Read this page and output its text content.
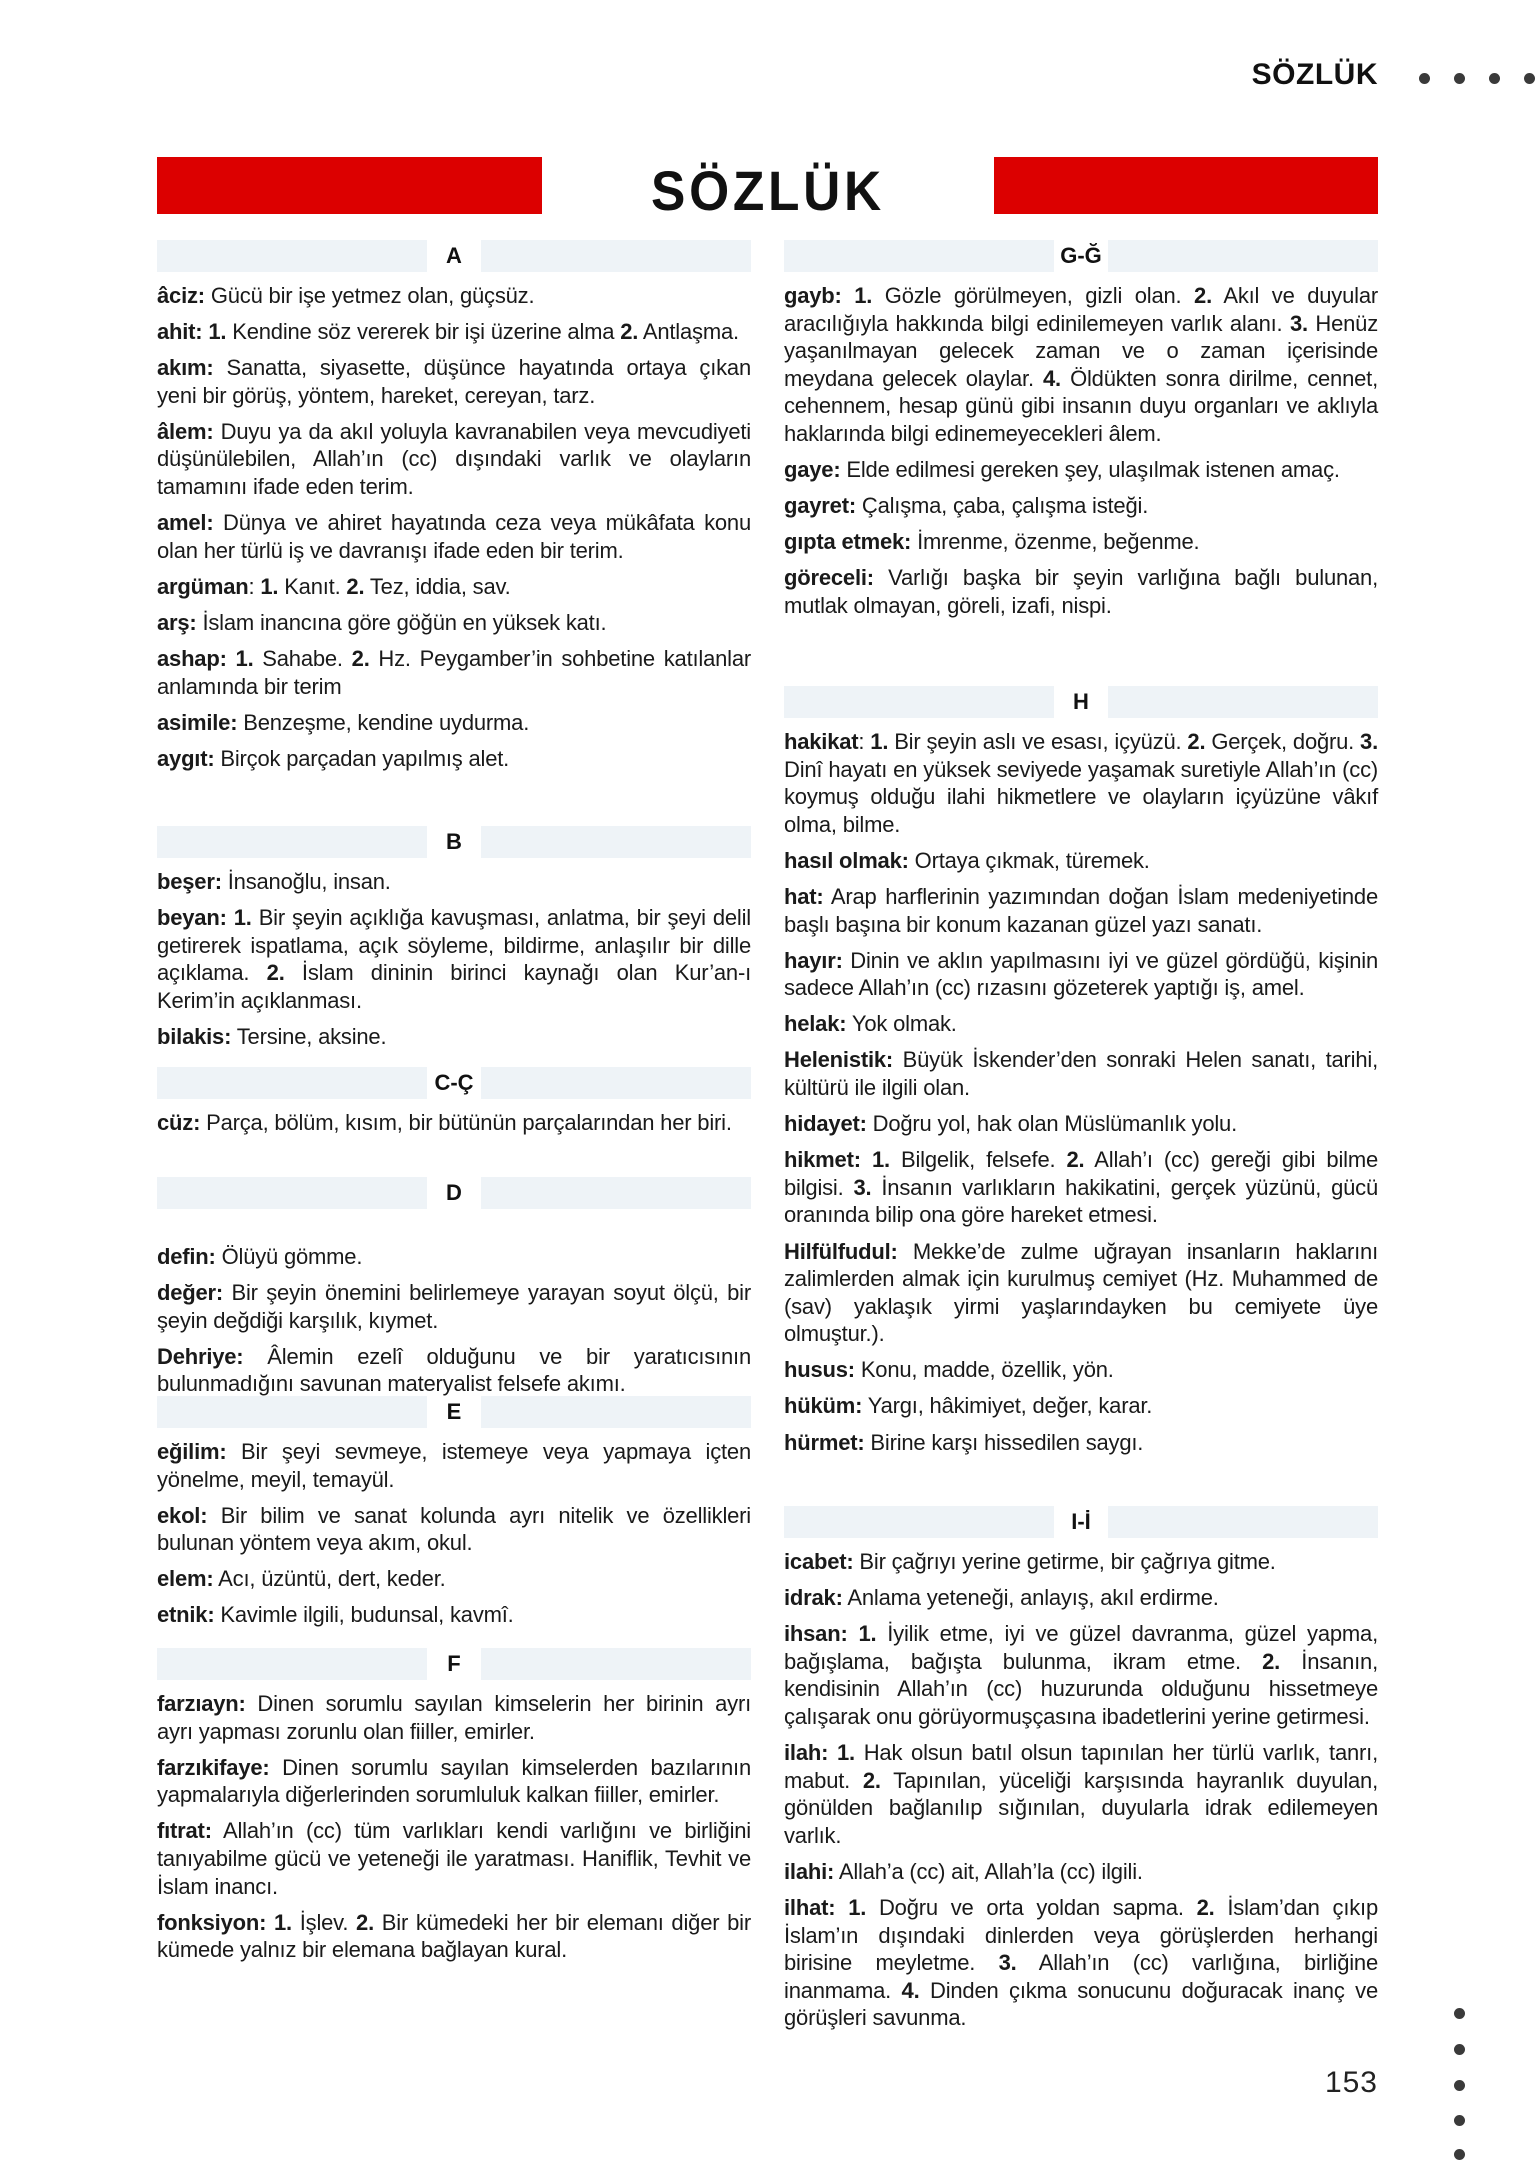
SÖZLÜK
SÖZLÜK
A

âciz: Gücü bir işe yetmez olan, güçsüz.

ahit: 1. Kendine söz vererek bir işi üzerine alma 2. Antlaşma.

akım: Sanatta, siyasette, düşünce hayatında ortaya çıkan yeni bir görüş, yöntem, hareket, cereyan, tarz.

âlem: Duyu ya da akıl yoluyla kavranabilen veya mevcudiyeti düşünülebilen, Allah’ın (cc) dışındaki varlık ve olayların tamamını ifade eden terim.

amel: Dünya ve ahiret hayatında ceza veya mükâfata konu olan her türlü iş ve davranışı ifade eden bir terim.

argüman: 1. Kanıt. 2. Tez, iddia, sav.

arş: İslam inancına göre göğün en yüksek katı.

ashap: 1. Sahabe. 2. Hz. Peygamber’in sohbetine katılanlar anlamında bir terim

asimile: Benzeşme, kendine uydurma.

aygıt: Birçok parçadan yapılmış alet.

B

beşer: İnsanoğlu, insan.

beyan: 1. Bir şeyin açıklığa kavuşması, anlatma, bir şeyi delil getirerek ispatlama, açık söyleme, bildirme, anlaşılır bir dille açıklama. 2. İslam dininin birinci kaynağı olan Kur’an-ı Kerim’in açıklanması.

bilakis: Tersine, aksine.

C-Ç

cüz: Parça, bölüm, kısım, bir bütünün parçalarından her biri.

D

defin: Ölüyü gömme.

değer: Bir şeyin önemini belirlemeye yarayan soyut ölçü, bir şeyin değdiği karşılık, kıymet.

Dehriye: Âlemin ezelî olduğunu ve bir yaratıcısının bulunmadığını savunan materyalist felsefe akımı.

E

eğilim: Bir şeyi sevmeye, istemeye veya yapmaya içten yönelme, meyil, temayül.

ekol: Bir bilim ve sanat kolunda ayrı nitelik ve özellikleri bulunan yöntem veya akım, okul.

elem: Acı, üzüntü, dert, keder.

etnik: Kavimle ilgili, budunsal, kavmî.

F

farzıayn: Dinen sorumlu sayılan kimselerin her birinin ayrı ayrı yapması zorunlu olan fiiller, emirler.

farzıkifaye: Dinen sorumlu sayılan kimselerden bazılarının yapmalarıyla diğerlerinden sorumluluk kalkan fiiller, emirler.

fıtrat: Allah’ın (cc) tüm varlıkları kendi varlığını ve birliğini tanıyabilme gücü ve yeteneği ile yaratması. Haniflik, Tevhit ve İslam inancı.

fonksiyon: 1. İşlev. 2. Bir kümedeki her bir elemanı diğer bir kümede yalnız bir elemana bağlayan kural.

G-Ğ

gayb: 1. Gözle görülmeyen, gizli olan. 2. Akıl ve duyular aracılığıyla hakkında bilgi edinilemeyen varlık alanı. 3. Henüz yaşanılmayan gelecek zaman ve o zaman içerisinde meydana gelecek olaylar. 4. Öldükten sonra dirilme, cennet, cehennem, hesap günü gibi insanın duyu organları ve aklıyla haklarında bilgi edinemeyecekleri âlem.

gaye: Elde edilmesi gereken şey, ulaşılmak istenen amaç.

gayret: Çalışma, çaba, çalışma isteği.

gıpta etmek: İmrenme, özenme, beğenme.

göreceli: Varlığı başka bir şeyin varlığına bağlı bulunan, mutlak olmayan, göreli, izafi, nispi.

H

hakikat: 1. Bir şeyin aslı ve esası, içyüzü. 2. Gerçek, doğru. 3. Dinî hayatı en yüksek seviyede yaşamak suretiyle Allah’ın (cc) koymuş olduğu ilahi hikmetlere ve olayların içyüzüne vâkıf olma, bilme.

hasıl olmak: Ortaya çıkmak, türemek.

hat: Arap harflerinin yazımından doğan İslam medeniyetinde başlı başına bir konum kazanan güzel yazı sanatı.

hayır: Dinin ve aklın yapılmasını iyi ve güzel gördüğü, kişinin sadece Allah’ın (cc) rızasını gözeterek yaptığı iş, amel.

helak: Yok olmak.

Helenistik: Büyük İskender’den sonraki Helen sanatı, tarihi, kültürü ile ilgili olan.

hidayet: Doğru yol, hak olan Müslümanlık yolu.

hikmet: 1. Bilgelik, felsefe. 2. Allah’ı (cc) gereği gibi bilme bilgisi. 3. İnsanın varlıkların hakikatini, gerçek yüzünü, gücü oranında bilip ona göre hareket etmesi.

Hilfülfudul: Mekke’de zulme uğrayan insanların haklarını zalimlerden almak için kurulmuş cemiyet (Hz. Muhammed de (sav) yaklaşık yirmi yaşlarındayken bu cemiyete üye olmuştur.).

husus: Konu, madde, özellik, yön.

hüküm: Yargı, hâkimiyet, değer, karar.

hürmet: Birine karşı hissedilen saygı.

I-İ

icabet: Bir çağrıyı yerine getirme, bir çağrıya gitme.

idrak: Anlama yeteneği, anlayış, akıl erdirme.

ihsan: 1. İyilik etme, iyi ve güzel davranma, güzel yapma, bağışlama, bağışta bulunma, ikram etme. 2. İnsanın, kendisinin Allah’ın (cc) huzurunda olduğunu hissetmeye çalışarak onu görüyormuşçasına ibadetlerini yerine getirmesi.

ilah: 1. Hak olsun batıl olsun tapınılan her türlü varlık, tanrı, mabut. 2. Tapınılan, yüceliği karşısında hayranlık duyulan, gönülden bağlanılıp sığınılan, duyularla idrak edilemeyen varlık.

ilahi: Allah’a (cc) ait, Allah’la (cc) ilgili.

ilhat: 1. Doğru ve orta yoldan sapma. 2. İslam’dan çıkıp İslam’ın dışındaki dinlerden veya görüşlerden herhangi birisine meyletme. 3. Allah’ın (cc) varlığına, birliğine inanmama. 4. Dinden çıkma sonucunu doğuracak inanç ve görüşleri savunma.

153
